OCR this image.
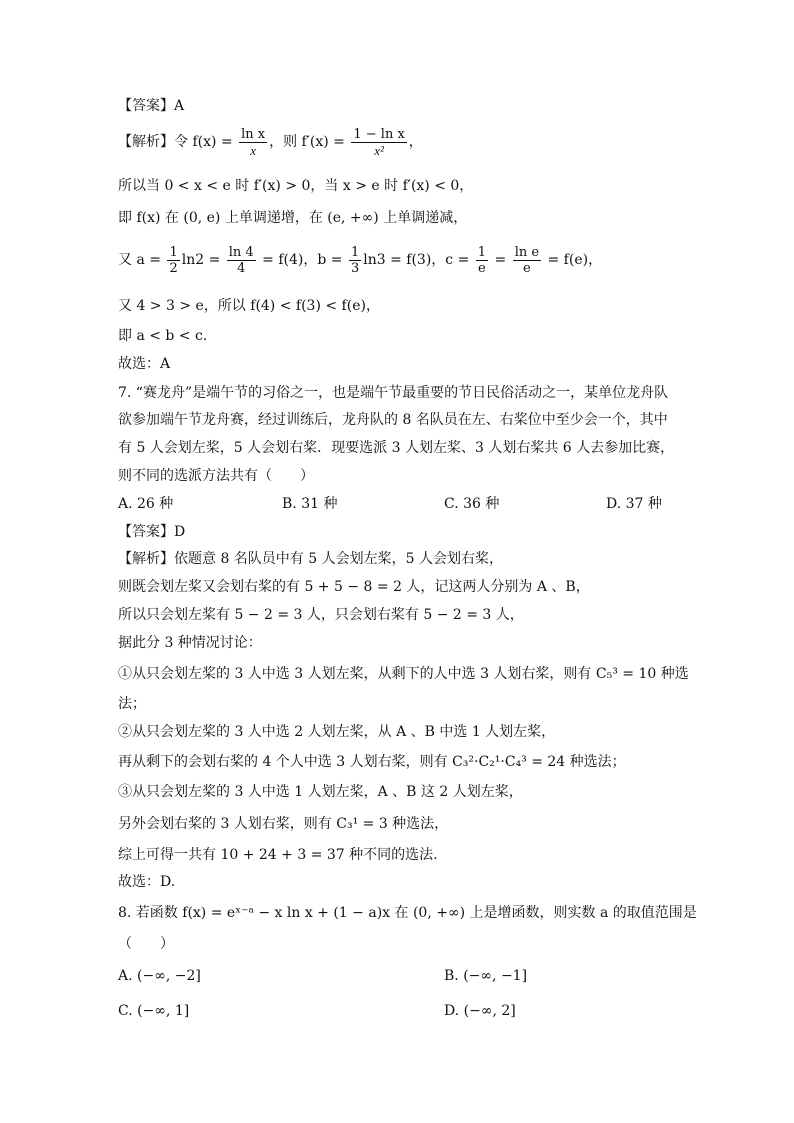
【答案】A
【解析】令 $f(x) = \frac{\text{ln x}}{x}$ ，则 $f'(x) = \frac{\text{1 − ln x}}{\text{x²}}$ ，
所以当 0 < x < e 时 f′(x) > 0，当 x > e 时 f′(x) < 0，
即 f(x) 在 (0, e) 上单调递增，在 (e, +∞) 上单调递减，
又 $a = \frac{1}{2} \ln 2 = \frac{\ln 4}{4} = f(4)$，$b = \frac{1}{3} \ln 3 = f(3)$，$c = \frac{1}{e} = \frac{\text{ln e}}{e} = f(e)$，
又 4 > 3 > e，所以 f(4) < f(3) < f(e)，
即 a < b < c.
故选：A
7. “赛龙舟”是端午节的习俗之一，也是端午节最重要的节日民俗活动之一，某单位龙舟队
欲参加端午节龙舟赛，经过训练后，龙舟队的 8 名队员在左、右桨位中至少会一个，其中
有 5 人会划左桨，5 人会划右桨．现要选派 3 人划左桨、3 人划右桨共 6 人去参加比赛，
则不同的选派方法共有（　　）
A. 26 种	B. 31 种	C. 36 种	D. 37 种
【答案】D
【解析】依题意 8 名队员中有 5 人会划左桨，5 人会划右桨，
则既会划左桨又会划右桨的有 5 + 5 − 8 = 2 人，记这两人分别为 A 、B，
所以只会划左桨有 5 − 2 = 3 人，只会划右桨有 5 − 2 = 3 人，
据此分 3 种情况讨论：
①从只会划左桨的 3 人中选 3 人划左桨，从剩下的人中选 3 人划右桨，则有 C₅³ = 10 种选
法；
②从只会划左桨的 3 人中选 2 人划左桨，从 A 、B 中选 1 人划左桨，
再从剩下的会划右桨的 4 个人中选 3 人划右桨，则有 C₃²·C₂¹·C₄³ = 24 种选法；
③从只会划左桨的 3 人中选 1 人划左桨，A 、B 这 2 人划左桨，
另外会划右桨的 3 人划右桨，则有 C₃¹ = 3 种选法，
综上可得一共有 10 + 24 + 3 = 37 种不同的选法.
故选：D.
8. 若函数 f(x) = eˣ⁻ᵃ − x ln x + (1 − a)x 在 (0, +∞) 上是增函数，则实数 a 的取值范围是
（　　）
A. (−∞, −2]	B. (−∞, −1]
C. (−∞, 1]	D. (−∞, 2]
